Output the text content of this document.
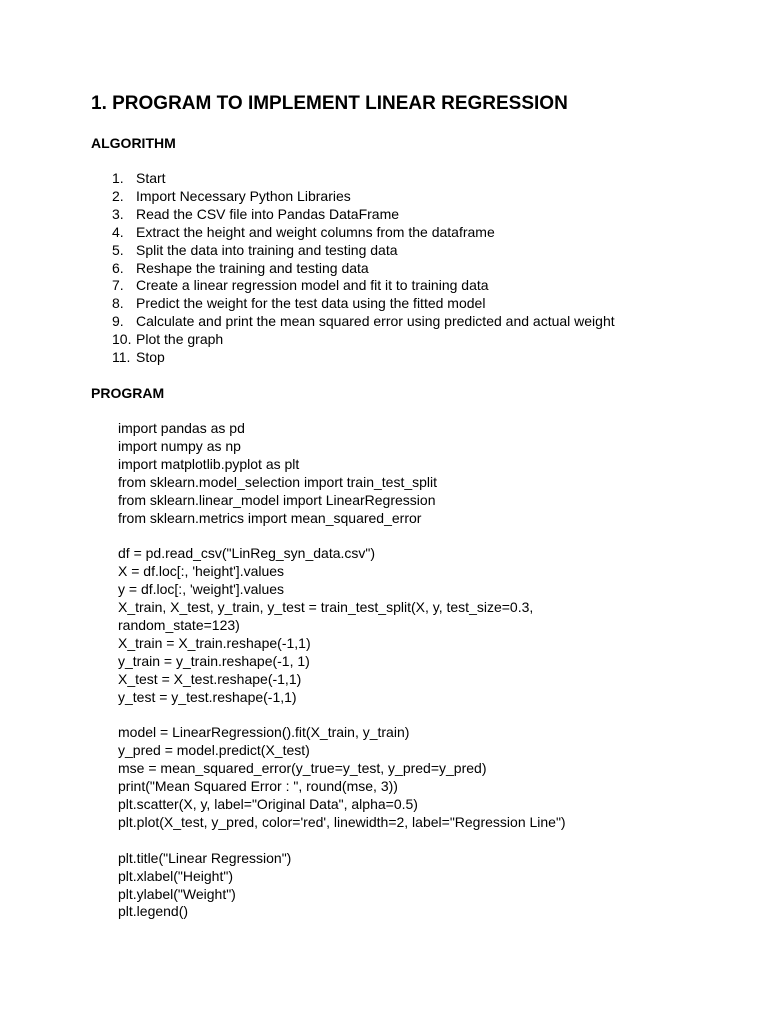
1. PROGRAM TO IMPLEMENT LINEAR REGRESSION
ALGORITHM
1. Start
2. Import Necessary Python Libraries
3. Read the CSV file into Pandas DataFrame
4. Extract the height and weight columns from the dataframe
5. Split the data into training and testing data
6. Reshape the training and testing data
7. Create a linear regression model and fit it to training data
8. Predict the weight for the test data using the fitted model
9. Calculate and print the mean squared error using predicted and actual weight
10. Plot the graph
11. Stop
PROGRAM
import pandas as pd
import numpy as np
import matplotlib.pyplot as plt
from sklearn.model_selection import train_test_split
from sklearn.linear_model import LinearRegression
from sklearn.metrics import mean_squared_error
df = pd.read_csv("LinReg_syn_data.csv")
X = df.loc[:, 'height'].values
y = df.loc[:, 'weight'].values
X_train, X_test, y_train, y_test = train_test_split(X, y, test_size=0.3,
random_state=123)
X_train = X_train.reshape(-1,1)
y_train = y_train.reshape(-1, 1)
X_test = X_test.reshape(-1,1)
y_test = y_test.reshape(-1,1)
model = LinearRegression().fit(X_train, y_train)
y_pred = model.predict(X_test)
mse = mean_squared_error(y_true=y_test, y_pred=y_pred)
print("Mean Squared Error : ", round(mse, 3))
plt.scatter(X, y, label="Original Data", alpha=0.5)
plt.plot(X_test, y_pred, color='red', linewidth=2, label="Regression Line")
plt.title("Linear Regression")
plt.xlabel("Height")
plt.ylabel("Weight")
plt.legend()
